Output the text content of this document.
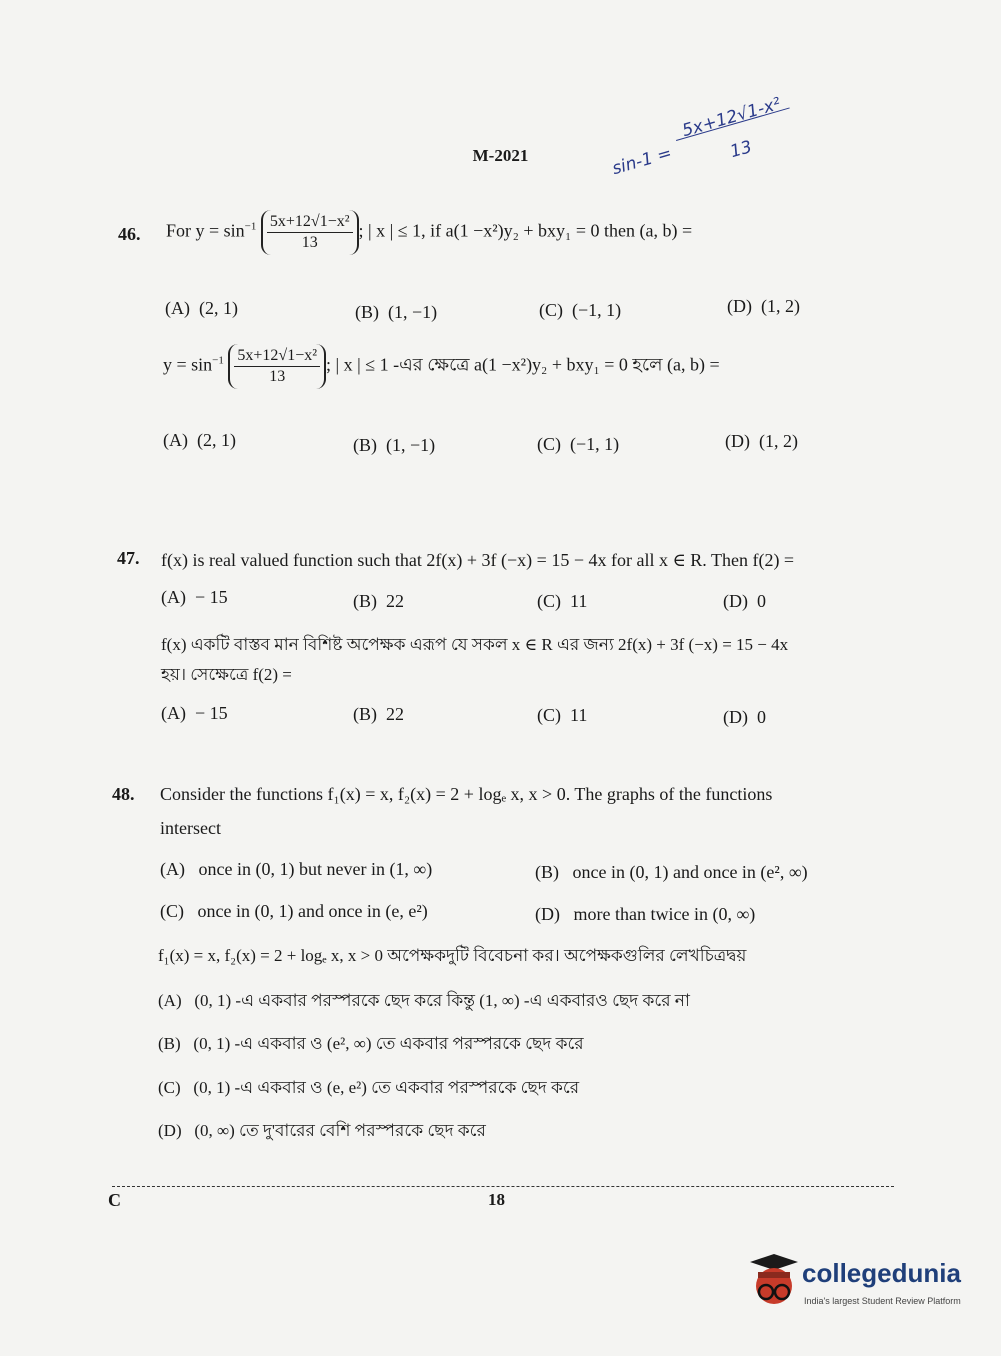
M-2021	sin-1 =
5x+12√1-x²
13
46. For $y = \sin^{-1} \frac{\text{5x+12√1−x²}}{13}$ ; | x | ≤ 1, if a(1 −x²)y₂ + bxy₁ = 0 then (a, b) =
(A) (2, 1)	(B) (1, −1)	(C) (−1, 1)	(D) (1, 2)
$y = \sin^{-1} \frac{\text{5x+12√1−x²}}{13}$ ; | x | ≤ 1 -এর ক্ষেত্রে a(1 −x²)y₂ + bxy₁ = 0 হলে (a, b) =
(A) (2, 1)	(B) (1, −1)	(C) (−1, 1)	(D) (1, 2)
47. f(x) is real valued function such that 2f(x) + 3f (−x) = 15 − 4x for all x ∈ R. Then f(2) =
(A) − 15	(B) 22	(C) 11	(D) 0
f(x) একটি বাস্তব মান বিশিষ্ট অপেক্ষক এরূপ যে সকল x ∈ R এর জন্য 2f(x) + 3f (−x) = 15 − 4x
হয়। সেক্ষেত্রে f(2) =
(A) − 15	(B) 22	(C) 11	(D) 0
48. Consider the functions f₁(x) = x, f₂(x) = 2 + logₑ x, x > 0. The graphs of the functions
intersect
(A) once in (0, 1) but never in (1, ∞)	(B) once in (0, 1) and once in (e², ∞)
(C) once in (0, 1) and once in (e, e²)	(D) more than twice in (0, ∞)
f₁(x) = x, f₂(x) = 2 + logₑ x, x > 0 অপেক্ষকদুটি বিবেচনা কর। অপেক্ষকগুলির লেখচিত্রদ্বয়
(A) (0, 1) -এ একবার পরস্পরকে ছেদ করে কিন্তু (1, ∞) -এ একবারও ছেদ করে না
(B) (0, 1) -এ একবার ও (e², ∞) তে একবার পরস্পরকে ছেদ করে
(C) (0, 1) -এ একবার ও (e, e²) তে একবার পরস্পরকে ছেদ করে
(D) (0, ∞) তে দু'বারের বেশি পরস্পরকে ছেদ করে
C	18
collegedunia
India's largest Student Review Platform
